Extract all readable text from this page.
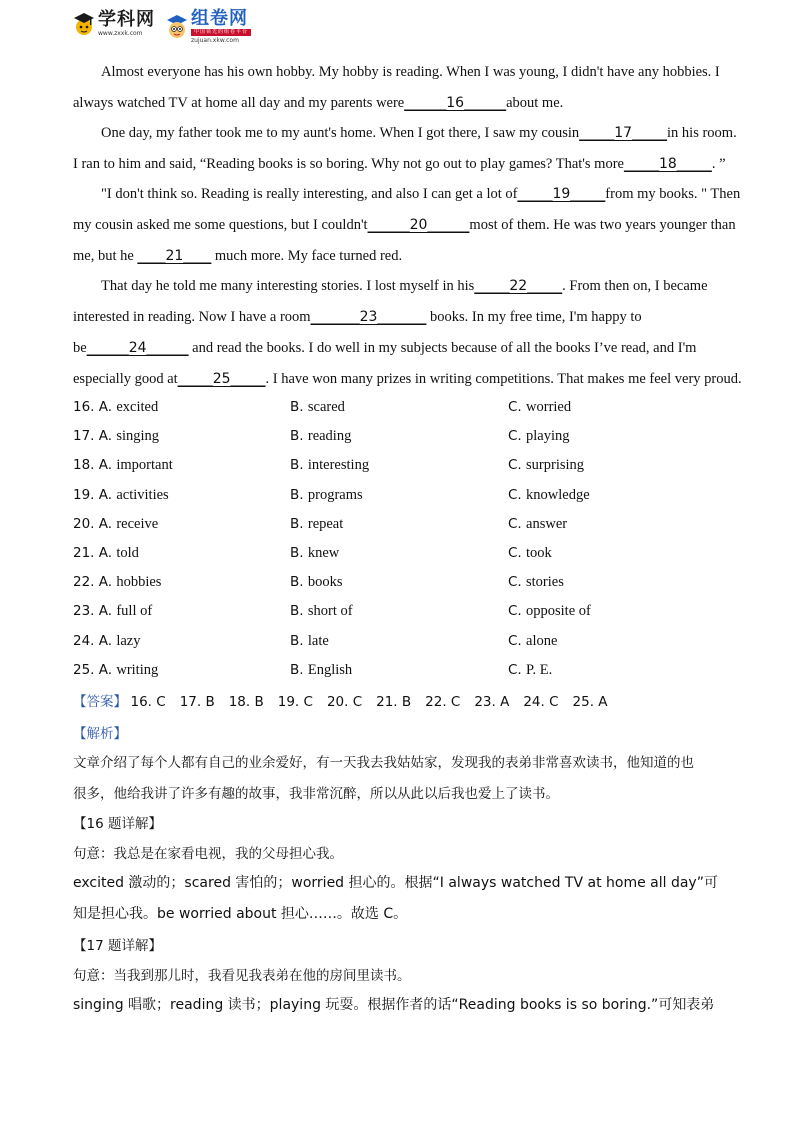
学科网
www.zxxk.com
组卷网
中国领先的组卷平台
zujuan.xkw.com
Almost everyone has his own hobby. My hobby is reading. When I was young, I didn't have any hobbies. I
always watched TV at home all day and my parents were______16______about me.
One day, my father took me to my aunt's home. When I got there, I saw my cousin_____17_____in his room.
I ran to him and said, “Reading books is so boring. Why not go out to play games? That's more_____18_____. ”
"I don't think so. Reading is really interesting, and also I can get a lot of_____19_____from my books. " Then
my cousin asked me some questions, but I couldn't______20______most of them. He was two years younger than
me, but he ____21____ much more. My face turned red.
That day he told me many interesting stories. I lost myself in his_____22_____. From then on, I became
interested in reading. Now I have a room_______23_______ books. In my free time, I'm happy to
be______24______ and read the books. I do well in my subjects because of all the books I’ve read, and I'm
especially good at_____25_____. I have won many prizes in writing competitions. That makes me feel very proud.
16. A. excited	B. scared	C. worried
17. A. singing	B. reading	C. playing
18. A. important	B. interesting	C. surprising
19. A. activities	B. programs	C. knowledge
20. A. receive	B. repeat	C. answer
21. A. told	B. knew	C. took
22. A. hobbies	B. books	C. stories
23. A. full of	B. short of	C. opposite of
24. A. lazy	B. late	C. alone
25. A. writing	B. English	C. P. E.
【答案】 16. C 17. B 18. B 19. C 20. C 21. B 22. C 23. A 24. C 25. A
【解析】
文章介绍了每个人都有自己的业余爱好，有一天我去我姑姑家，发现我的表弟非常喜欢读书，他知道的也
很多，他给我讲了许多有趣的故事，我非常沉醉，所以从此以后我也爱上了读书。
【16 题详解】
句意：我总是在家看电视，我的父母担心我。
excited 激动的；scared 害怕的；worried 担心的。根据“I always watched TV at home all day”可
知是担心我。be worried about 担心……。故选 C。
【17 题详解】
句意：当我到那儿时，我看见我表弟在他的房间里读书。
singing 唱歌；reading 读书；playing 玩耍。根据作者的话“Reading books is so boring.”可知表弟
